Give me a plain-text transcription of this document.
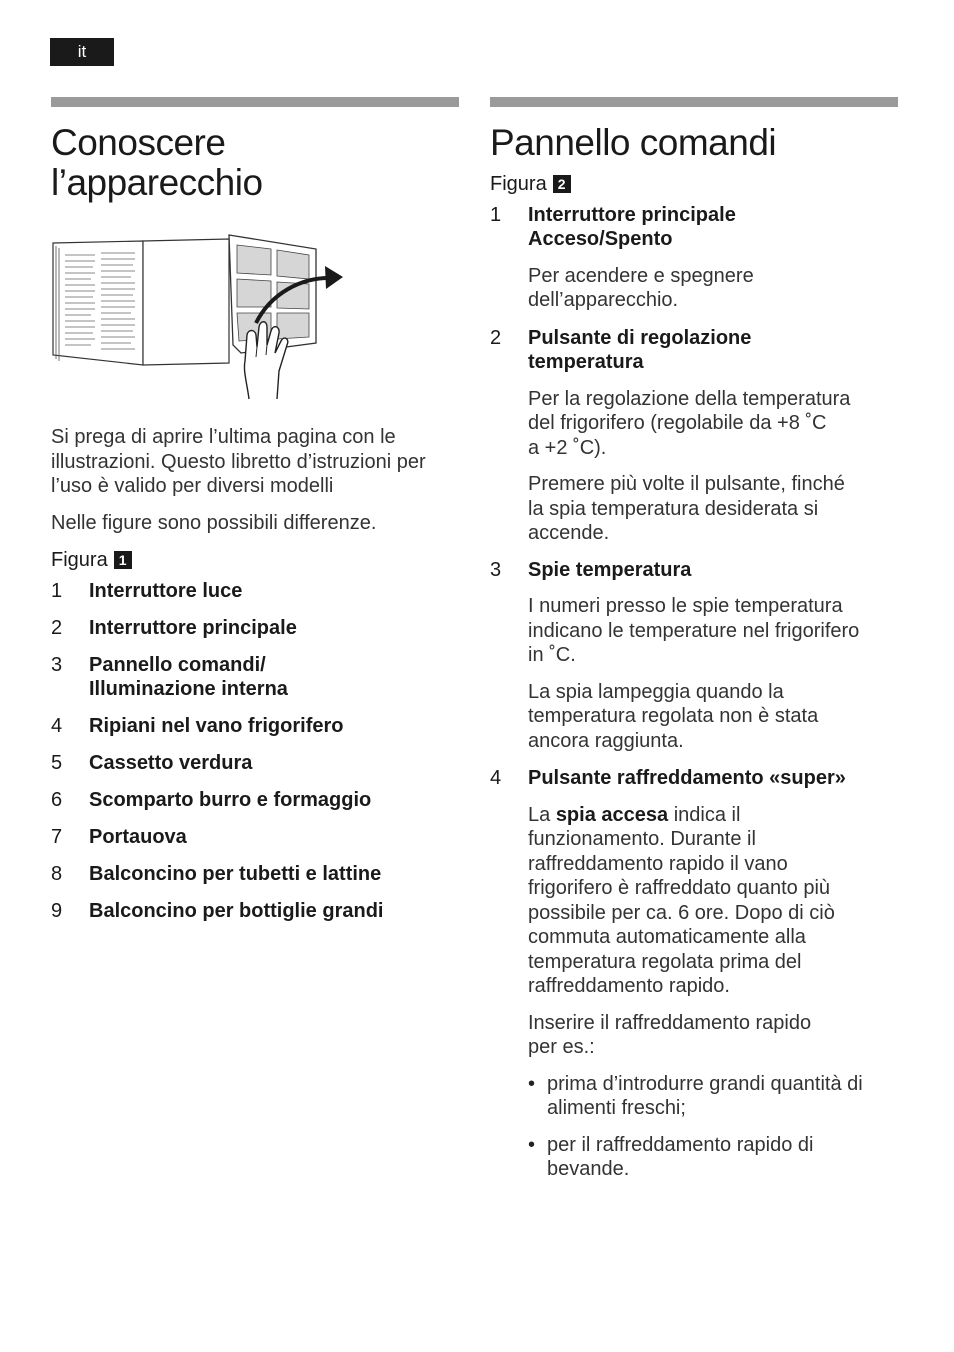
it
Conoscere
l’apparecchio

Si prega di aprire l’ultima pagina con le illustrazioni. Questo libretto d’istruzioni per l’uso è valido per diversi modelli

Nelle figure sono possibili differenze.

Figura 1
1	Interruttore luce
2	Interruttore principale
3	Pannello comandi/
Illuminazione interna
4	Ripiani nel vano frigorifero
5	Cassetto verdura
6	Scomparto burro e formaggio
7	Portauova
8	Balconcino per tubetti e lattine
9	Balconcino per bottiglie grandi
Pannello comandi
Figura 2
1	Interruttore principale
Acceso/Spento

Per acendere e spegnere
dell’apparecchio.

2	Pulsante di regolazione
temperatura

Per la regolazione della temperatura
del frigorifero (regolabile da +8 ˚C
a +2 ˚C).

Premere più volte il pulsante, finché
la spia temperatura desiderata si
accende.

3	Spie temperatura

I numeri presso le spie temperatura
indicano le temperature nel frigorifero
in ˚C.

La spia lampeggia quando la
temperatura regolata non è stata
ancora raggiunta.

4	Pulsante raffreddamento «super»

La spia accesa indica il
funzionamento. Durante il
raffreddamento rapido il vano
frigorifero è raffreddato quanto più
possibile per ca. 6 ore. Dopo di ciò
commuta automaticamente alla
temperatura regolata prima del
raffreddamento rapido.

Inserire il raffreddamento rapido
per es.:

• prima d’introdurre grandi quantità di
alimenti freschi;
• per il raffreddamento rapido di
bevande.
